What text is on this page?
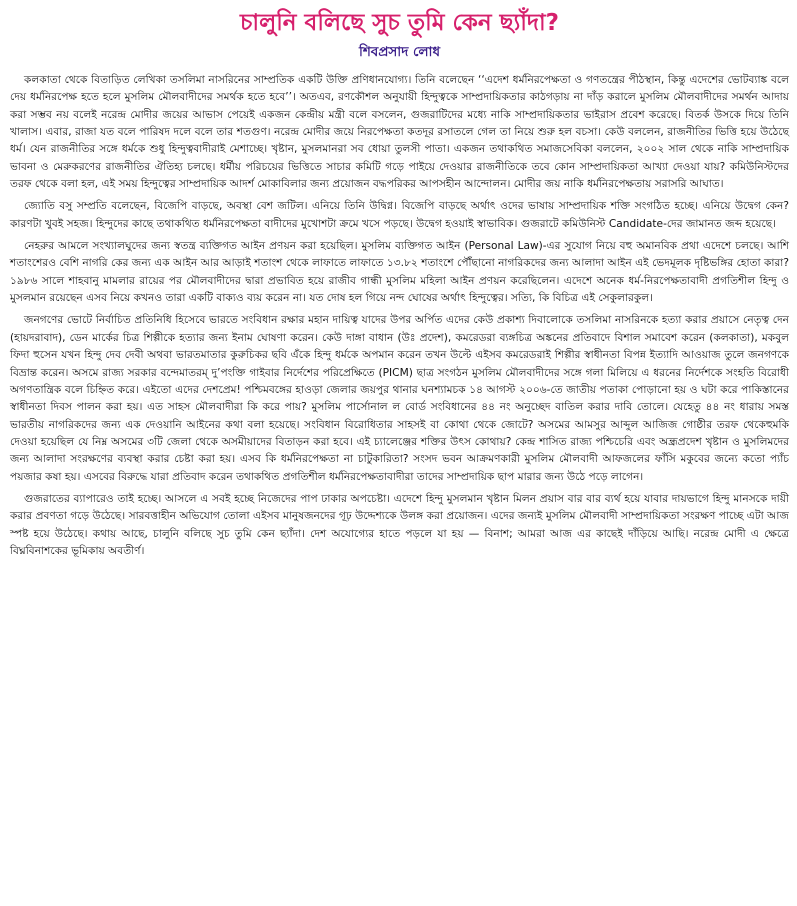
চালুনি বলিছে সুচ তুমি কেন ছ্যাঁদা?
শিবপ্রসাদ লোধ

কলকাতা থেকে বিতাড়িত লেখিকা তসলিমা নাসরিনের সাম্প্রতিক একটি উক্তি প্রণিধানযোগ্য। তিনি বলেছেন ‘‘এদেশ ধর্মনিরপেক্ষতা ও গণতন্ত্রের পীঠস্থান, কিন্তু এদেশের ভোটব্যাঙ্ক বলে দেয় ধর্মনিরপেক্ষ হতে হলে মুসলিম মৌলবাদীদের সমর্থক হতে হবে’’। অতএব, রণকৌশল অনুযায়ী হিন্দুত্বকে সাম্প্রদায়িকতার কাঠগড়ায় না দাঁড় করালে মুসলিম মৌলবাদীদের সমর্থন আদায় করা সম্ভব নয় বলেই নরেন্দ্র মোদীর জয়ের আভাস পেয়েই একজন কেন্দ্রীয় মন্ত্রী বলে বসলেন, গুজরাটিদের মধ্যে নাকি সাম্প্রদায়িকতার ভাইরাস প্রবেশ করেছে। বিতর্ক উসকে দিয়ে তিনি খালাস। এবার, রাজা যত বলে পারিষদ দলে বলে তার শতগুণ। নরেন্দ্র মোদীর জয়ে নিরপেক্ষতা কতদূর রসাতলে গেল তা নিয়ে শুরু হল বচসা। কেউ বললেন, রাজনীতির ভিত্তি হয়ে উঠেছে ধর্ম। যেন রাজনীতির সঙ্গে ধর্মকে শুধু হিন্দুত্ববাদীরাই মেশাচ্ছে। খৃষ্টান, মুসলমানরা সব ধোয়া তুলসী পাতা। একজন তথাকথিত সমাজসেবিকা বললেন, ২০০২ সাল থেকে নাকি সাম্প্রদায়িক ভাবনা ও মেরুকরণের রাজনীতির ঐতিহ্য চলছে। ধর্মীয় পরিচয়ের ভিত্তিতে সাচার কমিটি গড়ে পাইয়ে দেওয়ার রাজনীতিকে তবে কোন সাম্প্রদায়িকতা আখ্যা দেওয়া যায়? কমিউনিস্টদের তরফ থেকে বলা হল, এই সময় হিন্দুত্বের সাম্প্রদায়িক আদর্শ মোকাবিলার জন্য প্রয়োজন বদ্ধপরিকর আপসহীন আন্দোলন। মোদীর জয় নাকি ধর্মনিরপেক্ষতায় সরাসরি আঘাত।

জ্যোতি বসু সম্প্রতি বলেছেন, বিজেপি বাড়ছে, অবস্থা বেশ জটিল। এনিয়ে তিনি উদ্বিগ্ন। বিজেপি বাড়ছে অর্থাৎ ওদের ভাষায় সাম্প্রদায়িক শক্তি সংগঠিত হচ্ছে। এনিয়ে উদ্বেগ কেন? কারণটা খুবই সহজ। হিন্দুদের কাছে তথাকথিত ধর্মনিরপেক্ষতা বাদীদের মুখোশটা ক্রমে খসে পড়ছে। উদ্বেগ হওয়াই স্বাভাবিক। গুজরাটে কমিউনিস্ট Candidate-দের জামানত জব্দ হয়েছে।

নেহরুর আমলে সংখ্যালঘুদের জন্য স্বতন্ত্র ব্যক্তিগত আইন প্রণয়ন করা হয়েছিল। মুসলিম ব্যক্তিগত আইন (Personal Law)-এর সুযোগ নিয়ে বহু অমানবিক প্রথা এদেশে চলছে। আশি শতাংশেরও বেশি নাগরি কের জন্য এক আইন আর আড়াই শতাংশ থেকে লাফাতে লাফাতে ১৩.৮২ শতাংশে পৌঁছানো নাগরিকদের জন্য আলাদা আইন এই ভেদমূলক দৃষ্টিভঙ্গির হোতা কারা? ১৯৮৬ সালে শাহবানু মামলার রায়ের পর মৌলবাদীদের দ্বারা প্রভাবিত হয়ে রাজীব গান্ধী মুসলিম মহিলা আইন প্রণয়ন করেছিলেন। এদেশে অনেক ধর্ম-নিরপেক্ষতাবাদী প্রগতিশীল হিন্দু ও মুসলমান রয়েছেন এসব নিয়ে কখনও তারা একটি বাক্যও ব্যয় করেন না। যত দোষ হল গিয়ে নন্দ ঘোষের অর্থাৎ হিন্দুত্বের। সত্যি, কি বিচিত্র এই সেকুলারকুল।

জনগণের ভোটে নির্বাচিত প্রতিনিধি হিসেবে ভারতে সংবিধান রক্ষার মহান দায়িত্ব যাদের উপর অর্পিত এদের কেউ প্রকাশ্য দিবালোকে তসলিমা নাসরিনকে হত্যা করার প্রয়াসে নেতৃত্ব দেন (হায়দরাবাদ), ডেন মার্কের চিত্র শিল্পীকে হত্যার জন্য ইনাম ঘোষণা করেন। কেউ দাঙ্গা বাধান (উঃ প্রদেশ), কমরেডরা ব্যঙ্গচিত্র অঙ্কনের প্রতিবাদে বিশাল সমাবেশ করেন (কলকাতা), মকবুল ফিদা হুসেন যখন হিন্দু দেব দেবী অথবা ভারতমাতার কুরুচিকর ছবি এঁকে হিন্দু ধর্মকে অপমান করেন তখন উল্টে এইসব কমরেডরাই শিল্পীর স্বাধীনতা বিপন্ন ইত্যাদি আওয়াজ তুলে জনগণকে বিভ্রান্ত করেন। অসমে রাজ্য সরকার বন্দেমাতরম্ দু’পংক্তি গাইবার নির্দেশের পরিপ্রেক্ষিতে (PICM) ছাত্র সংগঠন মুসলিম মৌলবাদীদের সঙ্গে গলা মিলিয়ে এ ধরনের নির্দেশকে সংহতি বিরোধী অগণতান্ত্রিক বলে চিহ্নিত করে। এইতো এদের দেশপ্রেম! পশ্চিমবঙ্গের হাওড়া জেলার জয়পুর থানার ঘনশ্যামচক ১৪ আগস্ট ২০০৬-তে জাতীয় পতাকা পোড়ানো হয় ও ঘটা করে পাকিস্তানের স্বাধীনতা দিবস পালন করা হয়। এত সাহস মৌলবাদীরা কি করে পায়? মুসলিম পার্সোনাল ল বোর্ড সংবিধানের ৪৪ নং অনুচ্ছেদ বাতিল করার দাবি তোলে। যেহেতু ৪৪ নং ধারায় সমস্ত ভারতীয় নাগরিকদের জন্য এক দেওয়ানি আইনের কথা বলা হয়েছে। সংবিধান বিরোধিতার সাহসই বা কোথা থেকে জোটে? অসমের আমসুর আব্দুল আজিজ গোষ্ঠীর তরফ থেকেহুমকি দেওয়া হয়েছিল যে নিম্ন অসমের ৩টি জেলা থেকে অসমীয়াদের বিতাড়ন করা হবে। এই চ্যালেঞ্জের শক্তির উৎস কোথায়? কেন্দ্র শাসিত রাজ্য পশ্চিচেরি এবং অন্ধ্রপ্রদেশ খৃষ্টান ও মুসলিমদের জন্য আলাদা সংরক্ষণের ব্যবস্থা করার চেষ্টা করা হয়। এসব কি ধর্মনিরপেক্ষতা না চাটুকারিতা? সংসদ ভবন আক্রমণকারী মুসলিম মৌলবাদী আফজলের ফাঁসি মকুবের জন্যে কতো প্যাঁচ পয়জার কষা হয়। এসবের বিরুদ্ধে যারা প্রতিবাদ করেন তথাকথিত প্রগতিশীল ধর্মনিরপেক্ষতাবাদীরা তাদের সাম্প্রদায়িক ছাপ মারার জন্য উঠে পড়ে লাগেন।

গুজরাতের ব্যাপারেও তাই হচ্ছে। আসলে এ সবই হচ্ছে নিজেদের পাপ ঢাকার অপচেষ্টা। এদেশে হিন্দু মুসলমান খৃষ্টান মিলন প্রয়াস বার বার ব্যর্থ হয়ে যাবার দায়ভাগে হিন্দু মানসকে দায়ী করার প্রবণতা গড়ে উঠেছে। সারবত্তাহীন অভিযোগ তোলা এইসব মানুষজনদের গূঢ় উদ্দেশ্যকে উলঙ্গ করা প্রয়োজন। এদের জন্যই মুসলিম মৌলবাদী সাম্প্রদায়িকতা সংরক্ষণ পাচ্ছে এটা আজ স্পষ্ট হয়ে উঠেছে। কথায় আছে, চালুনি বলিছে সুচ তুমি কেন ছ্যাঁদা। দেশ অযোগ্যের হাতে পড়লে যা হয় — বিনাশ; আমরা আজ এর কাছেই দাঁড়িয়ে আছি। নরেন্দ্র মোদী এ ক্ষেত্রে বিঘ্নবিনাশকের ভূমিকায় অবতীর্ণ।
